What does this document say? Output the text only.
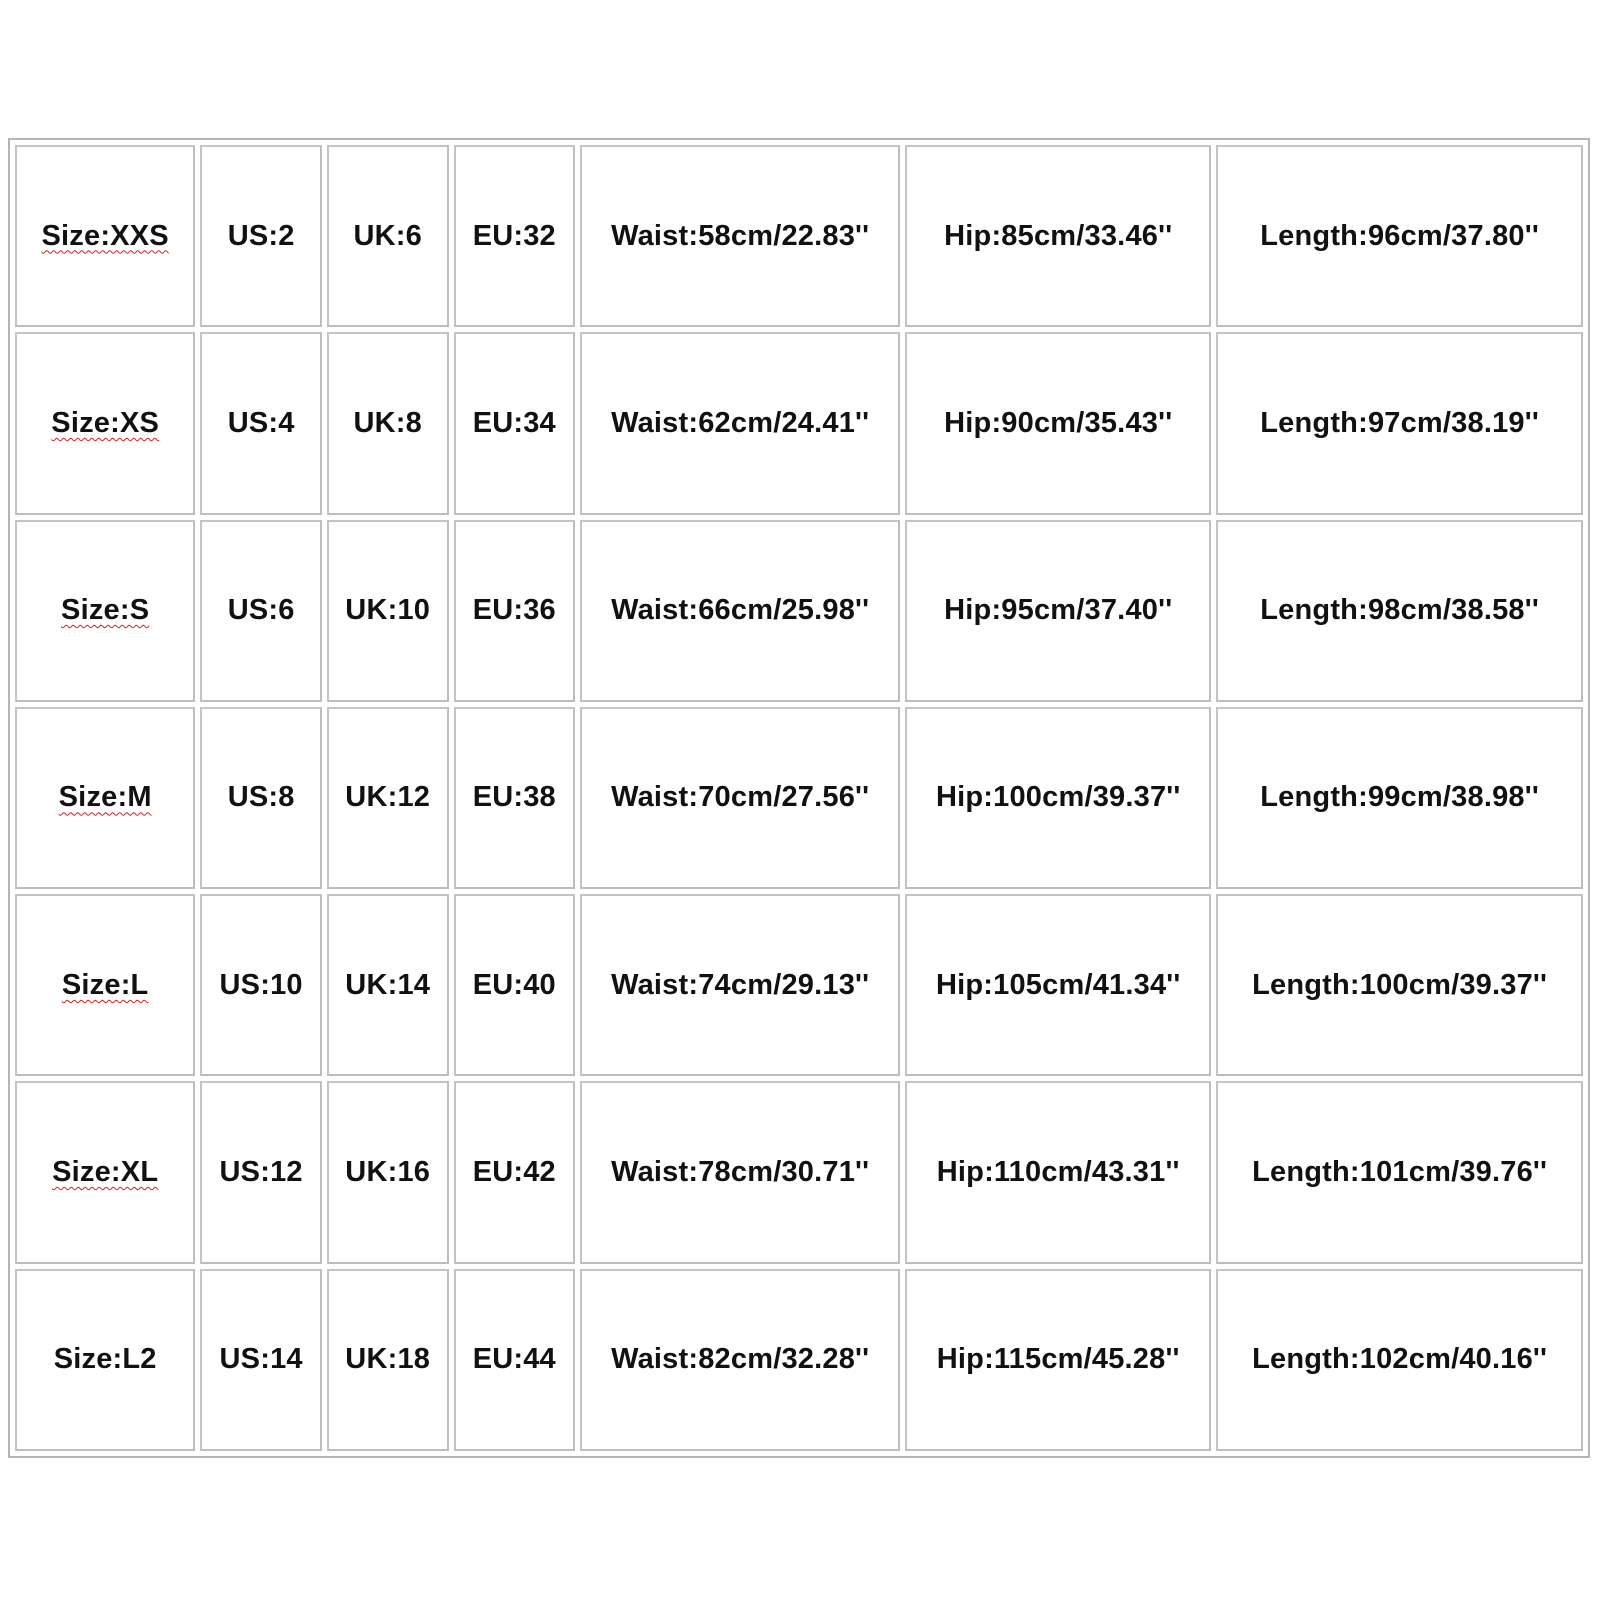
Size:XXS	US:2	UK:6	EU:32	Waist:58cm/22.83''	Hip:85cm/33.46''	Length:96cm/37.80''
Size:XS	US:4	UK:8	EU:34	Waist:62cm/24.41''	Hip:90cm/35.43''	Length:97cm/38.19''
Size:S	US:6	UK:10	EU:36	Waist:66cm/25.98''	Hip:95cm/37.40''	Length:98cm/38.58''
Size:M	US:8	UK:12	EU:38	Waist:70cm/27.56''	Hip:100cm/39.37''	Length:99cm/38.98''
Size:L	US:10	UK:14	EU:40	Waist:74cm/29.13''	Hip:105cm/41.34''	Length:100cm/39.37''
Size:XL	US:12	UK:16	EU:42	Waist:78cm/30.71''	Hip:110cm/43.31''	Length:101cm/39.76''
Size:L2	US:14	UK:18	EU:44	Waist:82cm/32.28''	Hip:115cm/45.28''	Length:102cm/40.16''
